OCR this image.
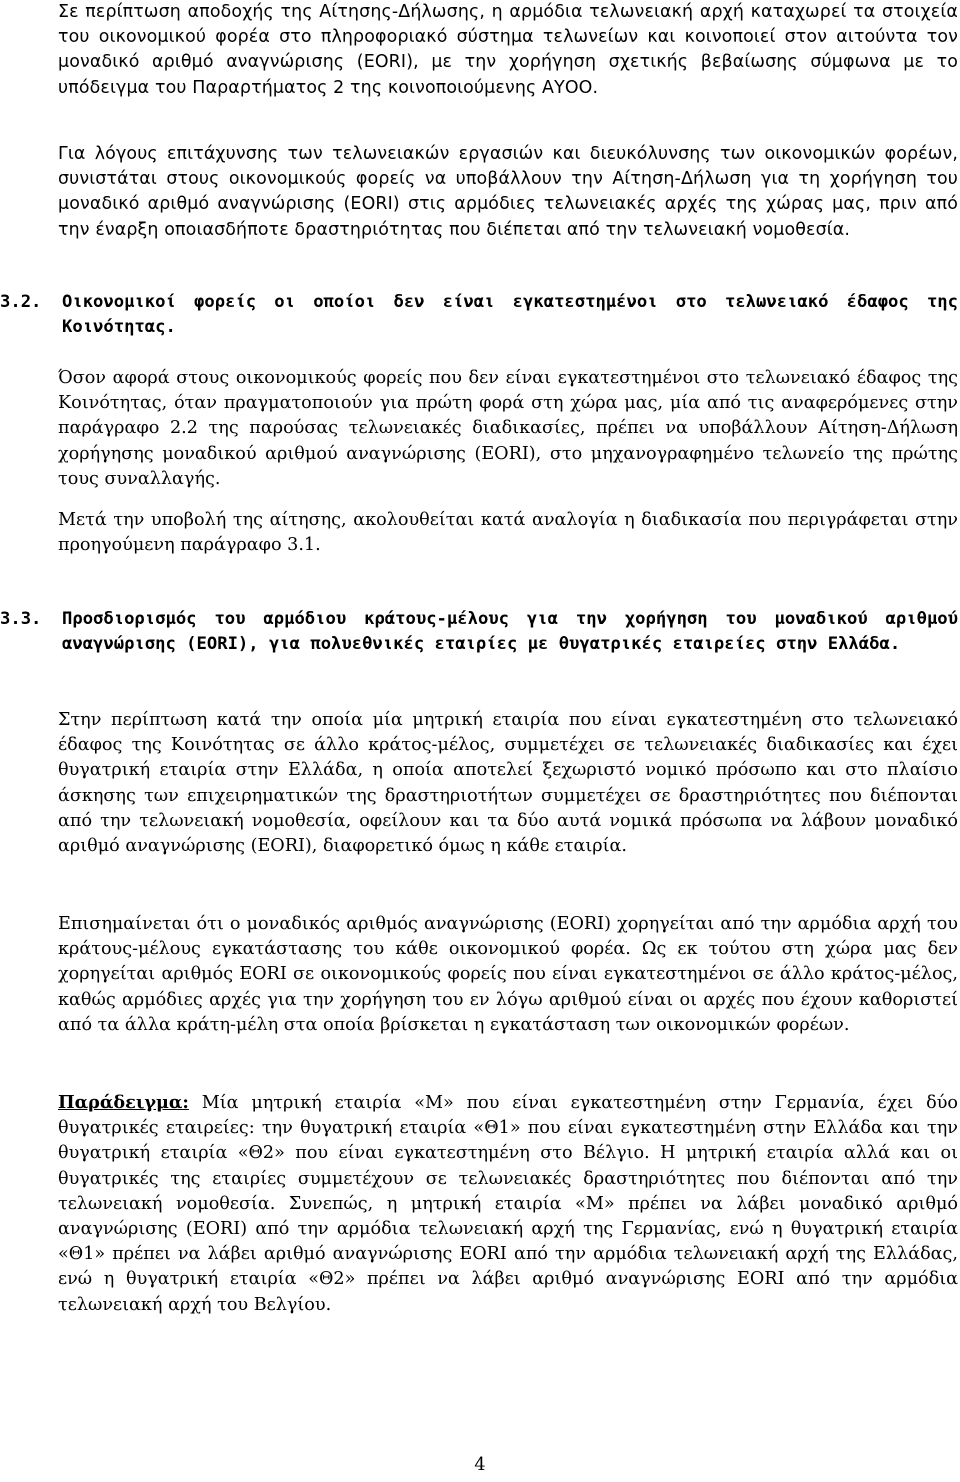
Σε περίπτωση αποδοχής της Αίτησης-Δήλωσης, η αρμόδια τελωνειακή αρχή καταχωρεί τα στοιχεία του οικονομικού φορέα στο πληροφοριακό σύστημα τελωνείων και κοινοποιεί στον αιτούντα τον μοναδικό αριθμό αναγνώρισης (EORI), με την χορήγηση σχετικής βεβαίωσης σύμφωνα με το υπόδειγμα του Παραρτήματος 2 της κοινοποιούμενης ΑΥΟΟ.

Για λόγους επιτάχυνσης των τελωνειακών εργασιών και διευκόλυνσης των οικονομικών φορέων, συνιστάται στους οικονομικούς φορείς να υποβάλλουν την Αίτηση-Δήλωση για τη χορήγηση του μοναδικό αριθμό αναγνώρισης (EORI) στις αρμόδιες τελωνειακές αρχές της χώρας μας, πριν από την έναρξη οποιασδήποτε δραστηριότητας που διέπεται από την τελωνειακή νομοθεσία.

3.2.	Οικονομικοί φορείς οι οποίοι δεν είναι εγκατεστημένοι στο τελωνειακό έδαφος της Κοινότητας.

Όσον αφορά στους οικονομικούς φορείς που δεν είναι εγκατεστημένοι στο τελωνειακό έδαφος της Κοινότητας, όταν πραγματοποιούν για πρώτη φορά στη χώρα μας, μία από τις αναφερόμενες στην παράγραφο 2.2 της παρούσας τελωνειακές διαδικασίες, πρέπει να υποβάλλουν Αίτηση-Δήλωση χορήγησης μοναδικού αριθμού αναγνώρισης (EORI), στο μηχανογραφημένο τελωνείο της πρώτης τους συναλλαγής.

Μετά την υποβολή της αίτησης, ακολουθείται κατά αναλογία η διαδικασία που περιγράφεται στην προηγούμενη παράγραφο 3.1.

3.3.	Προσδιορισμός του αρμόδιου κράτους-μέλους για την χορήγηση του μοναδικού αριθμού αναγνώρισης (EORI), για πολυεθνικές εταιρίες με θυγατρικές εταιρείες στην Ελλάδα.

Στην περίπτωση κατά την οποία μία μητρική εταιρία που είναι εγκατεστημένη στο τελωνειακό έδαφος της Κοινότητας σε άλλο κράτος-μέλος, συμμετέχει σε τελωνειακές διαδικασίες και έχει θυγατρική εταιρία στην Ελλάδα, η οποία αποτελεί ξεχωριστό νομικό πρόσωπο και στο πλαίσιο άσκησης των επιχειρηματικών της δραστηριοτήτων συμμετέχει σε δραστηριότητες που διέπονται από την τελωνειακή νομοθεσία, οφείλουν και τα δύο αυτά νομικά πρόσωπα να λάβουν μοναδικό αριθμό αναγνώρισης (EORI), διαφορετικό όμως η κάθε εταιρία.

Επισημαίνεται ότι ο μοναδικός αριθμός αναγνώρισης (EORI) χορηγείται από την αρμόδια αρχή του κράτους-μέλους εγκατάστασης του κάθε οικονομικού φορέα. Ως εκ τούτου στη χώρα μας δεν χορηγείται αριθμός EORI σε οικονομικούς φορείς που είναι εγκατεστημένοι σε άλλο κράτος-μέλος, καθώς αρμόδιες αρχές για την χορήγηση του εν λόγω αριθμού είναι οι αρχές που έχουν καθοριστεί από τα άλλα κράτη-μέλη στα οποία βρίσκεται η εγκατάσταση των οικονομικών φορέων.

Παράδειγμα: Μία μητρική εταιρία «Μ» που είναι εγκατεστημένη στην Γερμανία, έχει δύο θυγατρικές εταιρείες: την θυγατρική εταιρία «Θ1» που είναι εγκατεστημένη στην Ελλάδα και την θυγατρική εταιρία «Θ2» που είναι εγκατεστημένη στο Βέλγιο. Η μητρική εταιρία αλλά και οι θυγατρικές της εταιρίες συμμετέχουν σε τελωνειακές δραστηριότητες που διέπονται από την τελωνειακή νομοθεσία. Συνεπώς, η μητρική εταιρία «Μ» πρέπει να λάβει μοναδικό αριθμό αναγνώρισης (EORI) από την αρμόδια τελωνειακή αρχή της Γερμανίας, ενώ η θυγατρική εταιρία «Θ1» πρέπει να λάβει αριθμό αναγνώρισης EORI από την αρμόδια τελωνειακή αρχή της Ελλάδας, ενώ η θυγατρική εταιρία «Θ2» πρέπει να λάβει αριθμό αναγνώρισης EORI από την αρμόδια τελωνειακή αρχή του Βελγίου.

4
